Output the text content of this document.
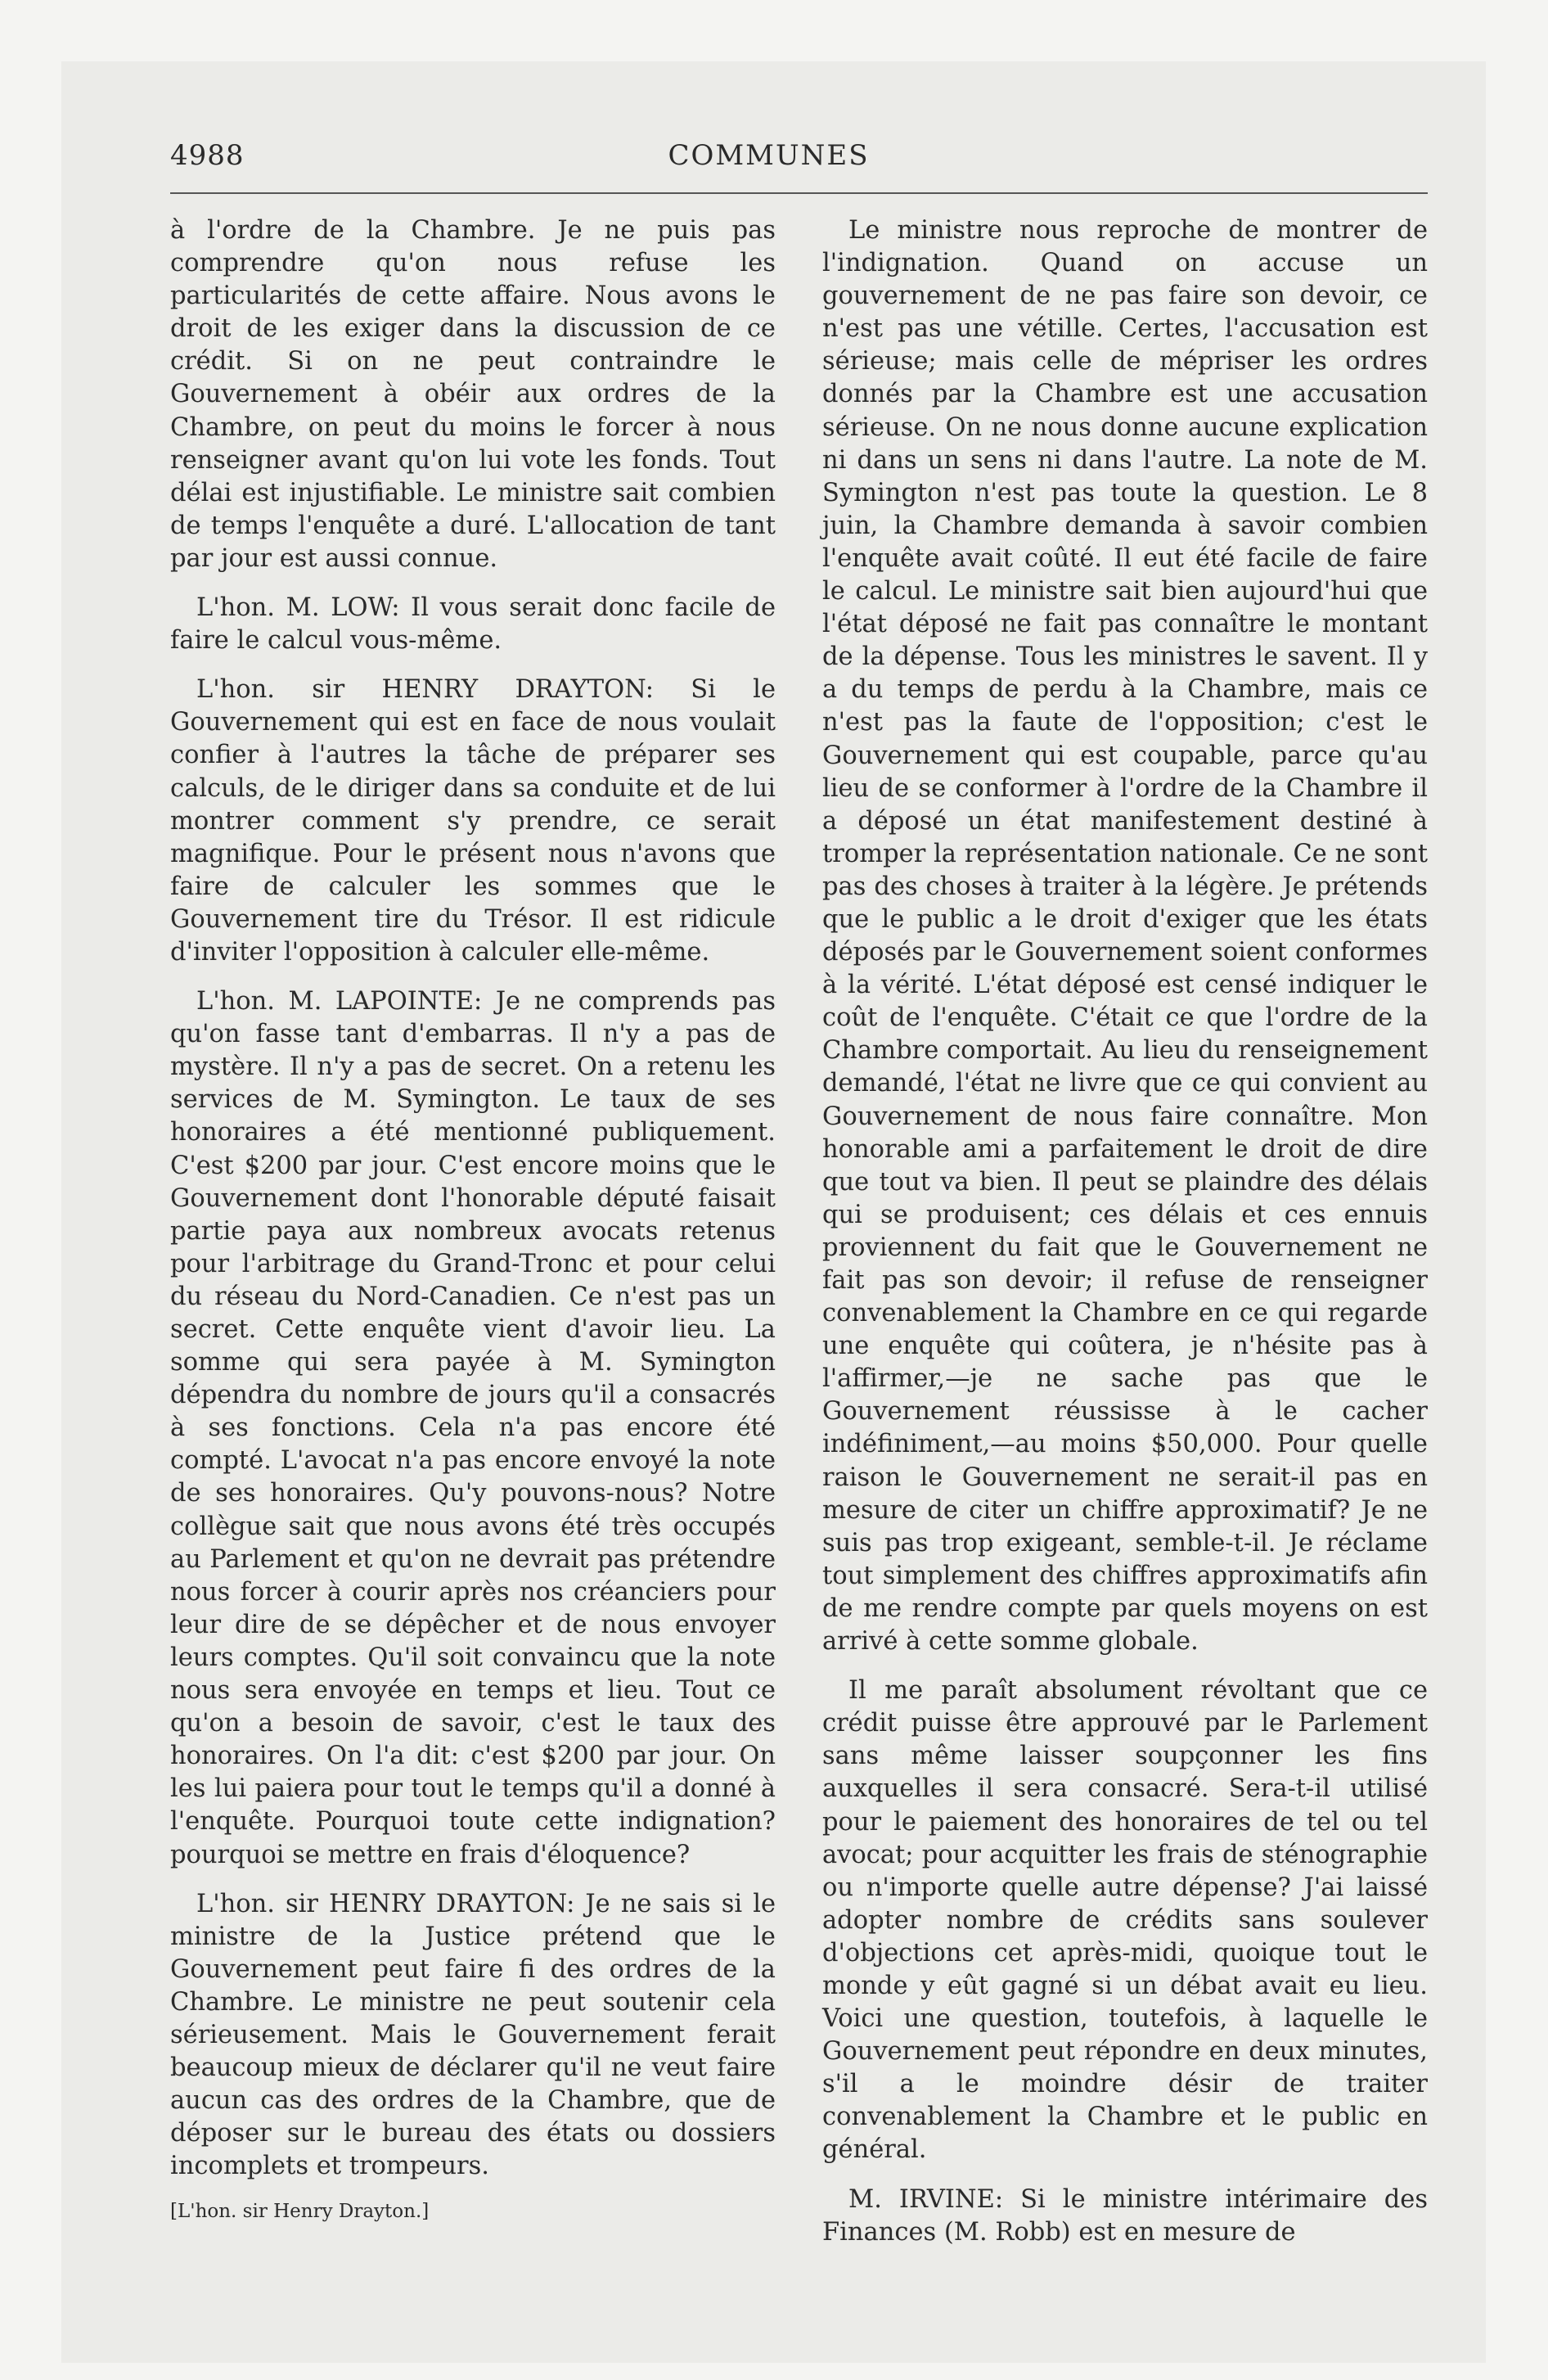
4988	COMMUNES

à l'ordre de la Chambre. Je ne puis pas comprendre qu'on nous refuse les particularités de cette affaire. Nous avons le droit de les exiger dans la discussion de ce crédit. Si on ne peut contraindre le Gouvernement à obéir aux ordres de la Chambre, on peut du moins le forcer à nous renseigner avant qu'on lui vote les fonds. Tout délai est injustifiable. Le ministre sait combien de temps l'enquête a duré. L'allocation de tant par jour est aussi connue.

L'hon. M. LOW: Il vous serait donc facile de faire le calcul vous-même.

L'hon. sir HENRY DRAYTON: Si le Gouvernement qui est en face de nous voulait confier à l'autres la tâche de préparer ses calculs, de le diriger dans sa conduite et de lui montrer comment s'y prendre, ce serait magnifique. Pour le présent nous n'avons que faire de calculer les sommes que le Gouvernement tire du Trésor. Il est ridicule d'inviter l'opposition à calculer elle-même.

L'hon. M. LAPOINTE: Je ne comprends pas qu'on fasse tant d'embarras. Il n'y a pas de mystère. Il n'y a pas de secret. On a retenu les services de M. Symington. Le taux de ses honoraires a été mentionné publiquement. C'est $200 par jour. C'est encore moins que le Gouvernement dont l'honorable député faisait partie paya aux nombreux avocats retenus pour l'arbitrage du Grand-Tronc et pour celui du réseau du Nord-Canadien. Ce n'est pas un secret. Cette enquête vient d'avoir lieu. La somme qui sera payée à M. Symington dépendra du nombre de jours qu'il a consacrés à ses fonctions. Cela n'a pas encore été compté. L'avocat n'a pas encore envoyé la note de ses honoraires. Qu'y pouvons-nous? Notre collègue sait que nous avons été très occupés au Parlement et qu'on ne devrait pas prétendre nous forcer à courir après nos créanciers pour leur dire de se dépêcher et de nous envoyer leurs comptes. Qu'il soit convaincu que la note nous sera envoyée en temps et lieu. Tout ce qu'on a besoin de savoir, c'est le taux des honoraires. On l'a dit: c'est $200 par jour. On les lui paiera pour tout le temps qu'il a donné à l'enquête. Pourquoi toute cette indignation? pourquoi se mettre en frais d'éloquence?

L'hon. sir HENRY DRAYTON: Je ne sais si le ministre de la Justice prétend que le Gouvernement peut faire fi des ordres de la Chambre. Le ministre ne peut soutenir cela sérieusement. Mais le Gouvernement ferait beaucoup mieux de déclarer qu'il ne veut faire aucun cas des ordres de la Chambre, que de déposer sur le bureau des états ou dossiers incomplets et trompeurs.

[L'hon. sir Henry Drayton.]

Le ministre nous reproche de montrer de l'indignation. Quand on accuse un gouvernement de ne pas faire son devoir, ce n'est pas une vétille. Certes, l'accusation est sérieuse; mais celle de mépriser les ordres donnés par la Chambre est une accusation sérieuse. On ne nous donne aucune explication ni dans un sens ni dans l'autre. La note de M. Symington n'est pas toute la question. Le 8 juin, la Chambre demanda à savoir combien l'enquête avait coûté. Il eut été facile de faire le calcul. Le ministre sait bien aujourd'hui que l'état déposé ne fait pas connaître le montant de la dépense. Tous les ministres le savent. Il y a du temps de perdu à la Chambre, mais ce n'est pas la faute de l'opposition; c'est le Gouvernement qui est coupable, parce qu'au lieu de se conformer à l'ordre de la Chambre il a déposé un état manifestement destiné à tromper la représentation nationale. Ce ne sont pas des choses à traiter à la légère. Je prétends que le public a le droit d'exiger que les états déposés par le Gouvernement soient conformes à la vérité. L'état déposé est censé indiquer le coût de l'enquête. C'était ce que l'ordre de la Chambre comportait. Au lieu du renseignement demandé, l'état ne livre que ce qui convient au Gouvernement de nous faire connaître. Mon honorable ami a parfaitement le droit de dire que tout va bien. Il peut se plaindre des délais qui se produisent; ces délais et ces ennuis proviennent du fait que le Gouvernement ne fait pas son devoir; il refuse de renseigner convenablement la Chambre en ce qui regarde une enquête qui coûtera, je n'hésite pas à l'affirmer,—je ne sache pas que le Gouvernement réussisse à le cacher indéfiniment,—au moins $50,000. Pour quelle raison le Gouvernement ne serait-il pas en mesure de citer un chiffre approximatif? Je ne suis pas trop exigeant, semble-t-il. Je réclame tout simplement des chiffres approximatifs afin de me rendre compte par quels moyens on est arrivé à cette somme globale.

Il me paraît absolument révoltant que ce crédit puisse être approuvé par le Parlement sans même laisser soupçonner les fins auxquelles il sera consacré. Sera-t-il utilisé pour le paiement des honoraires de tel ou tel avocat; pour acquitter les frais de sténographie ou n'importe quelle autre dépense? J'ai laissé adopter nombre de crédits sans soulever d'objections cet après-midi, quoique tout le monde y eût gagné si un débat avait eu lieu. Voici une question, toutefois, à laquelle le Gouvernement peut répondre en deux minutes, s'il a le moindre désir de traiter convenablement la Chambre et le public en général.

M. IRVINE: Si le ministre intérimaire des Finances (M. Robb) est en mesure de
